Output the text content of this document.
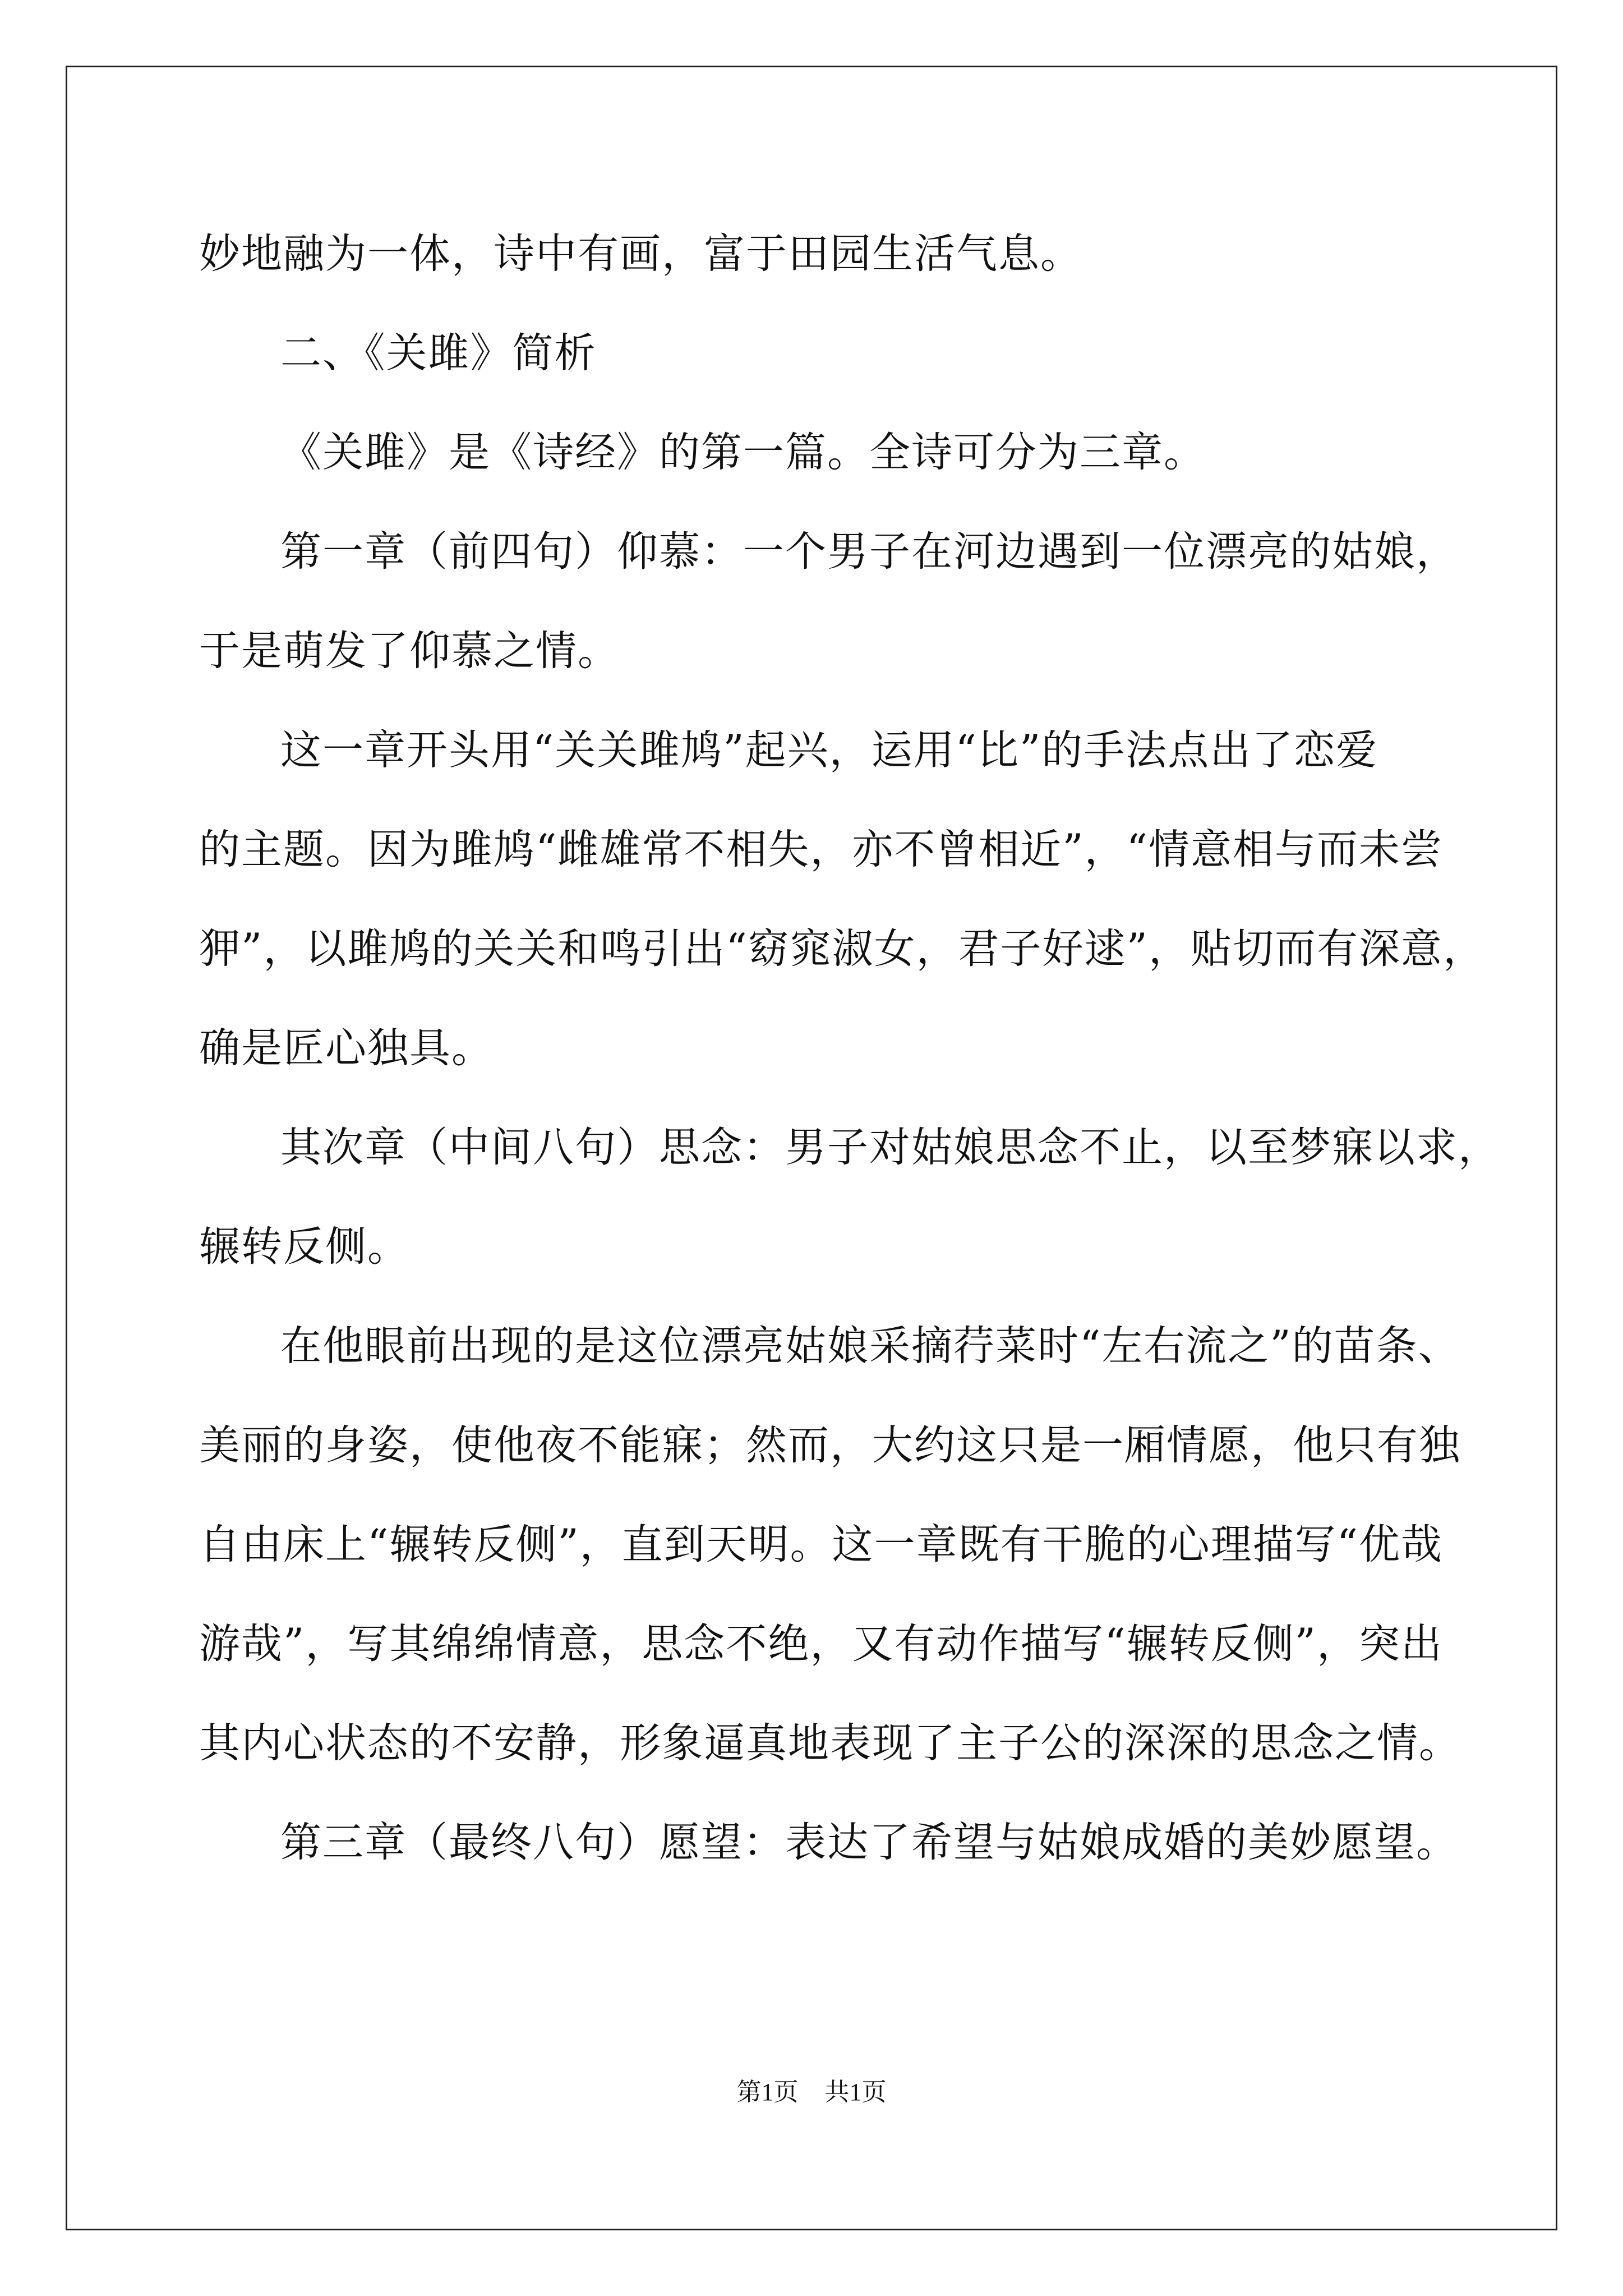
妙地融为一体，诗中有画，富于田园生活气息。
二、《关雎》简析
《关雎》是《诗经》的第一篇。全诗可分为三章。
第一章（前四句）仰慕：一个男子在河边遇到一位漂亮的姑娘，
于是萌发了仰慕之情。
这一章开头用“关关雎鸠”起兴，运用“比”的手法点出了恋爱
的主题。因为雎鸠“雌雄常不相失，亦不曾相近”，“情意相与而未尝
狎”，以雎鸠的关关和鸣引出“窈窕淑女，君子好逑”，贴切而有深意，
确是匠心独具。
其次章（中间八句）思念：男子对姑娘思念不止，以至梦寐以求，
辗转反侧。
在他眼前出现的是这位漂亮姑娘采摘荇菜时“左右流之”的苗条、
美丽的身姿，使他夜不能寐；然而，大约这只是一厢情愿，他只有独
自由床上“辗转反侧”，直到天明。这一章既有干脆的心理描写“优哉
游哉”，写其绵绵情意，思念不绝，又有动作描写“辗转反侧”，突出
其内心状态的不安静，形象逼真地表现了主子公的深深的思念之情。
第三章（最终八句）愿望：表达了希望与姑娘成婚的美妙愿望。
第1页 共1页
